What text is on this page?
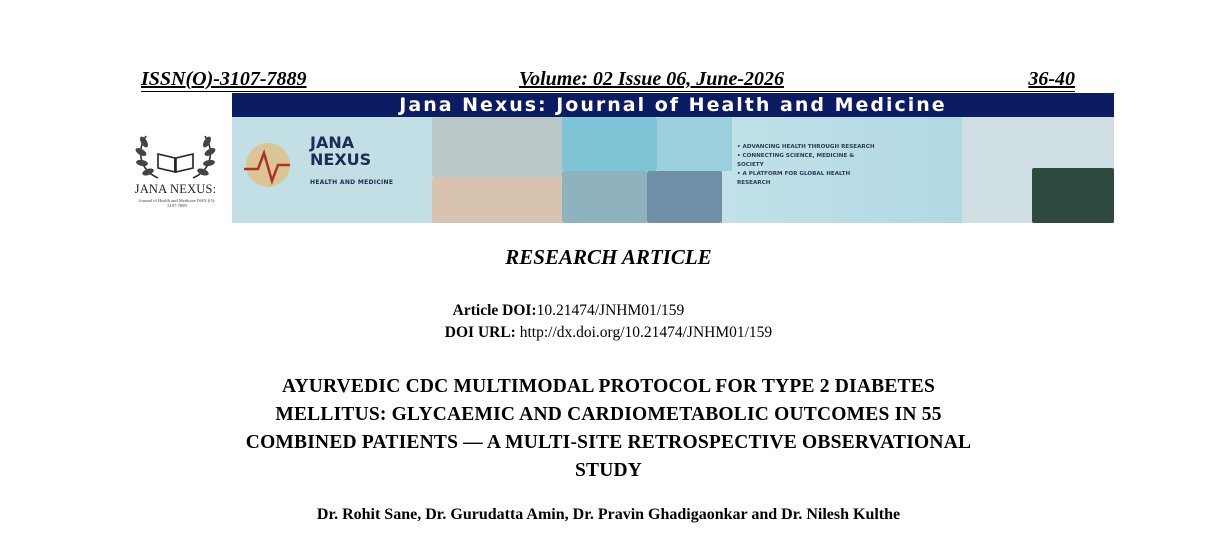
ISSN(O)-3107-7889	Volume: 02 Issue 06, June-2026	36-40
JANA NEXUS:
Journal of Health and Medicine ISSN (O): 3107-7889
Jana Nexus: Journal of Health and Medicine
JANA
NEXUS
HEALTH AND MEDICINE
• ADVANCING HEALTH THROUGH RESEARCH
• CONNECTING SCIENCE, MEDICINE &
SOCIETY
• A PLATFORM FOR GLOBAL HEALTH
RESEARCH
RESEARCH ARTICLE
Article DOI:10.21474/JNHM01/159
DOI URL: http://dx.doi.org/10.21474/JNHM01/159
AYURVEDIC CDC MULTIMODAL PROTOCOL FOR TYPE 2 DIABETES
MELLITUS: GLYCAEMIC AND CARDIOMETABOLIC OUTCOMES IN 55
COMBINED PATIENTS — A MULTI-SITE RETROSPECTIVE OBSERVATIONAL
STUDY
Dr. Rohit Sane, Dr. Gurudatta Amin, Dr. Pravin Ghadigaonkar and Dr. Nilesh Kulthe
